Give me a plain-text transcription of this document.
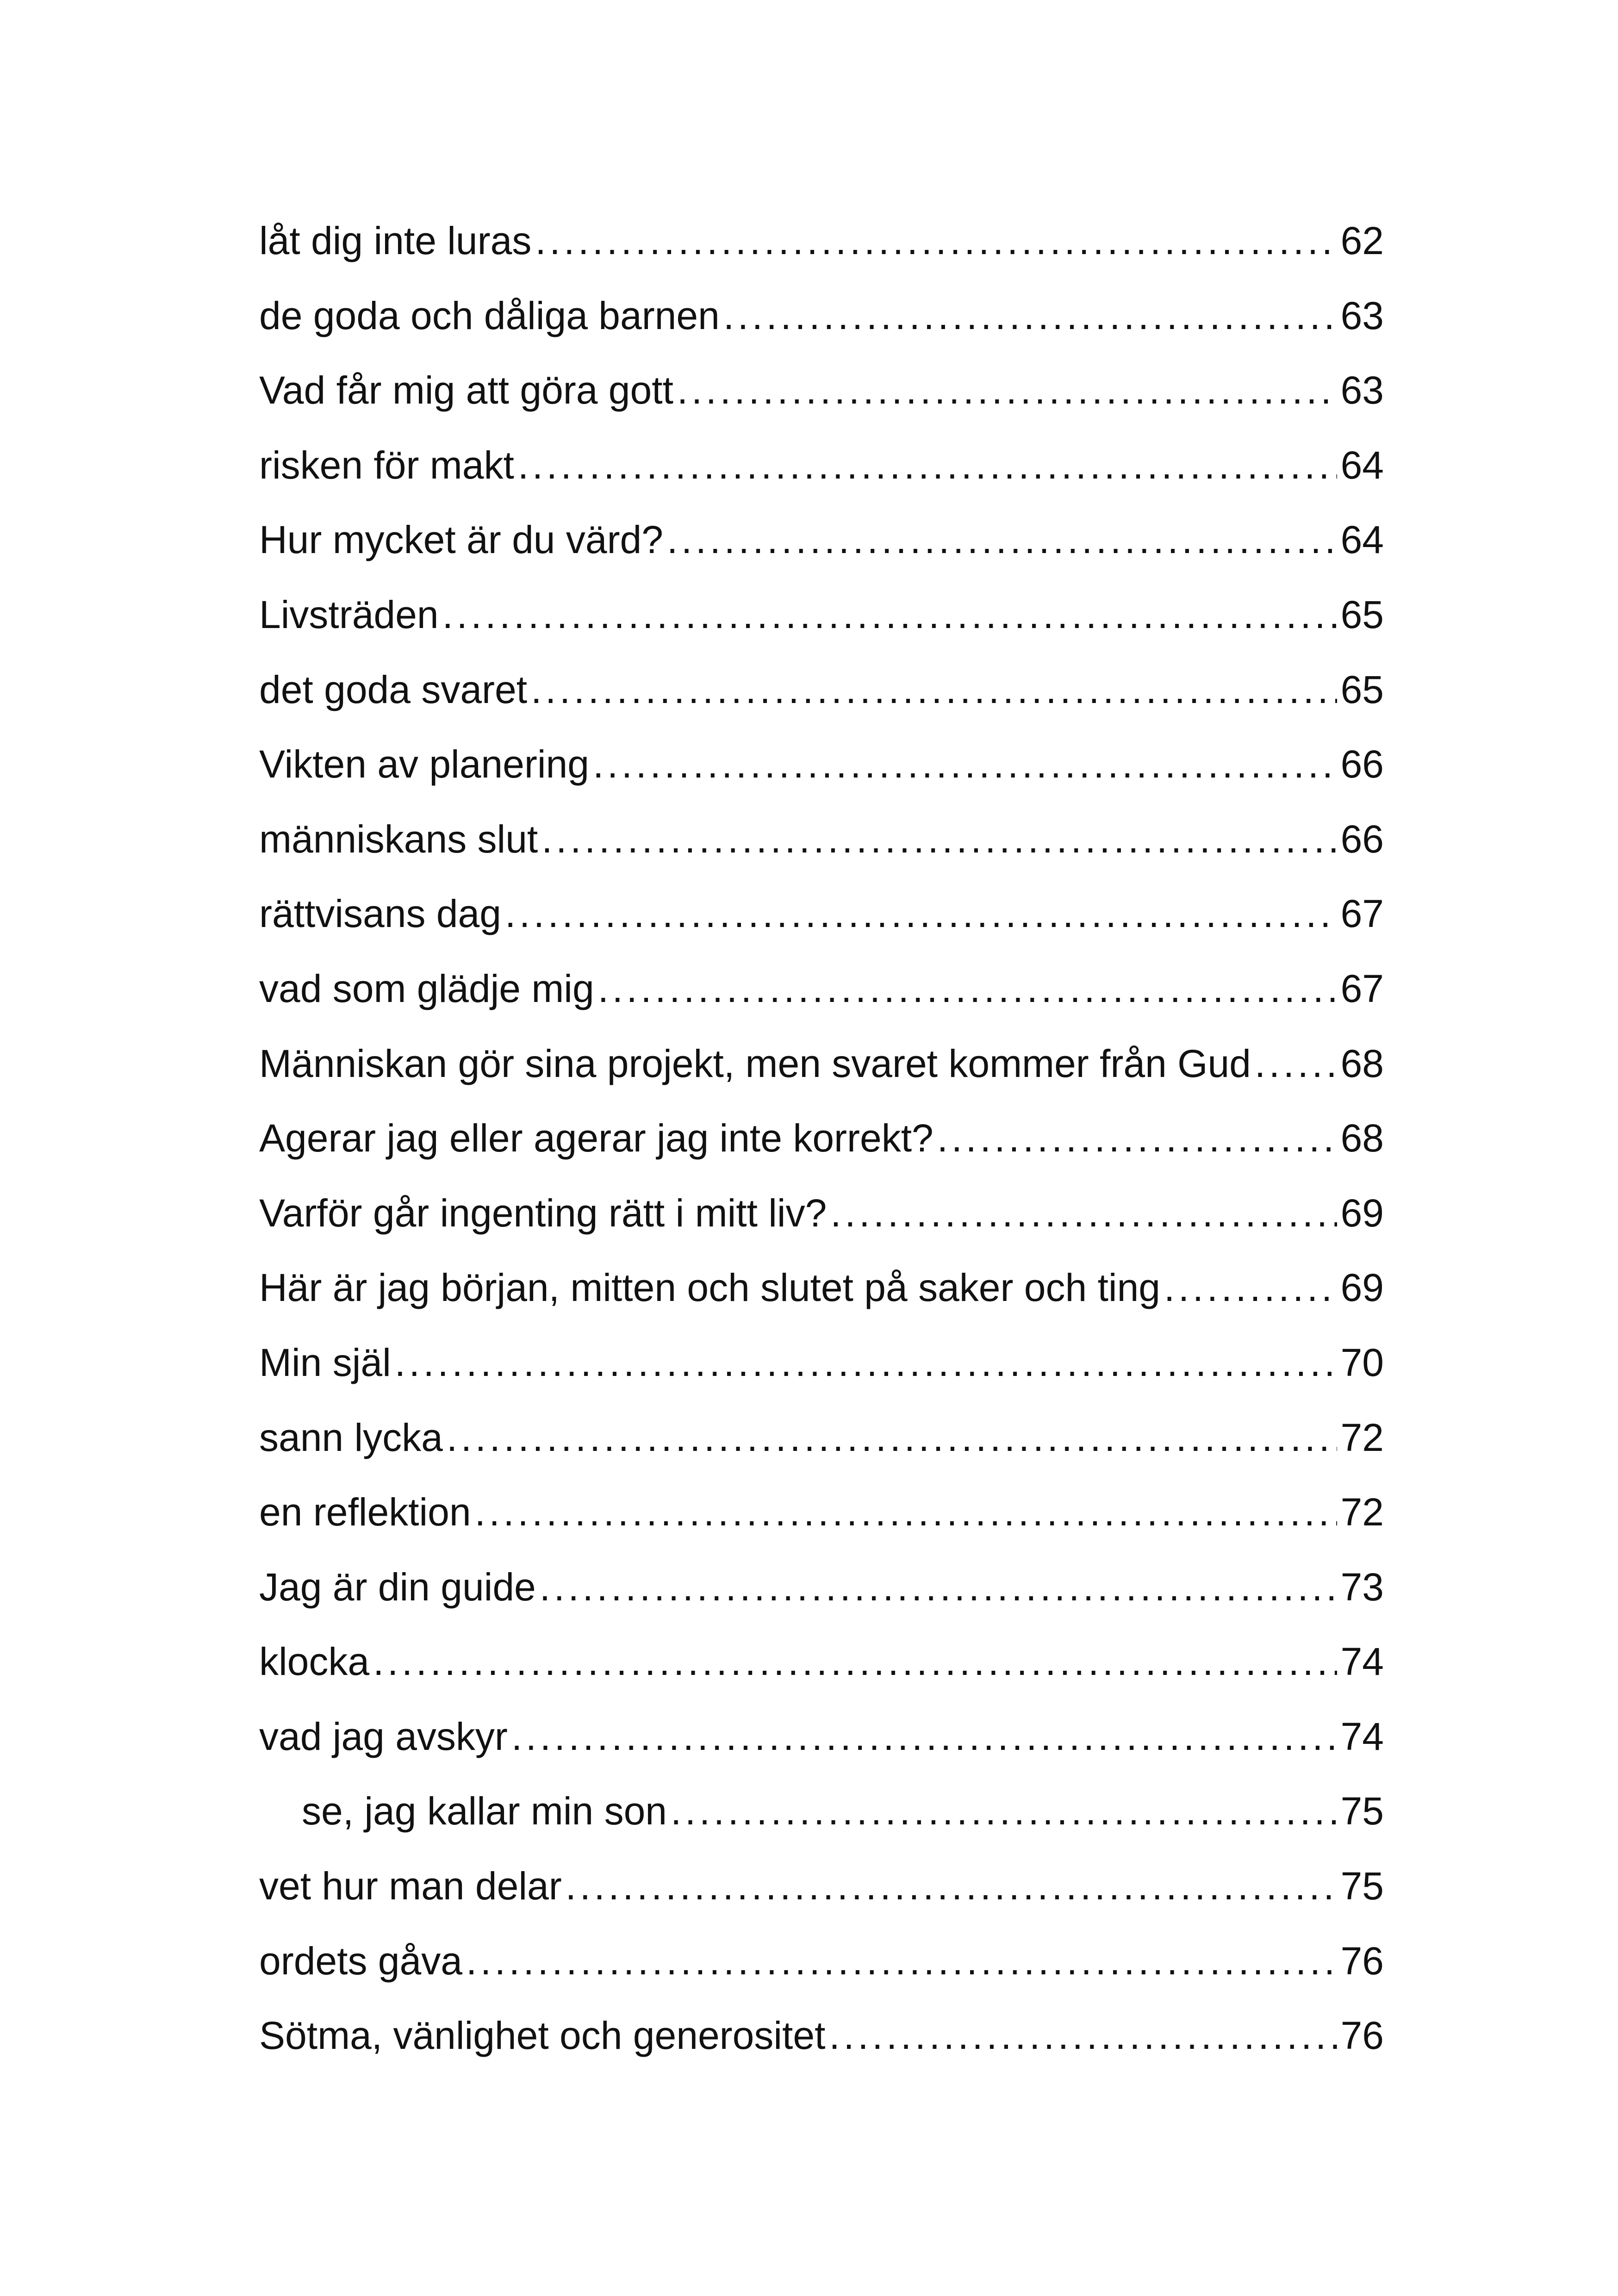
låt dig inte luras .....	62
de goda och dåliga barnen .....	63
Vad får mig att göra gott .....	63
risken för makt .....	64
Hur mycket är du värd? .....	64
Livsträden .....	65
det goda svaret .....	65
Vikten av planering .....	66
människans slut .....	66
rättvisans dag .....	67
vad som glädje mig .....	67
Människan gör sina projekt, men svaret kommer från Gud ..... 68
Agerar jag eller agerar jag inte korrekt? .....	68
Varför går ingenting rätt i mitt liv? .....	69
Här är jag början, mitten och slutet på saker och ting .....	69
Min själ .....	70
sann lycka .....	72
en reflektion .....	72
Jag är din guide .....	73
klocka .....	74
vad jag avskyr .....	74
se, jag kallar min son .....	75
vet hur man delar .....	75
ordets gåva .....	76
Sötma, vänlighet och generositet .....	76
